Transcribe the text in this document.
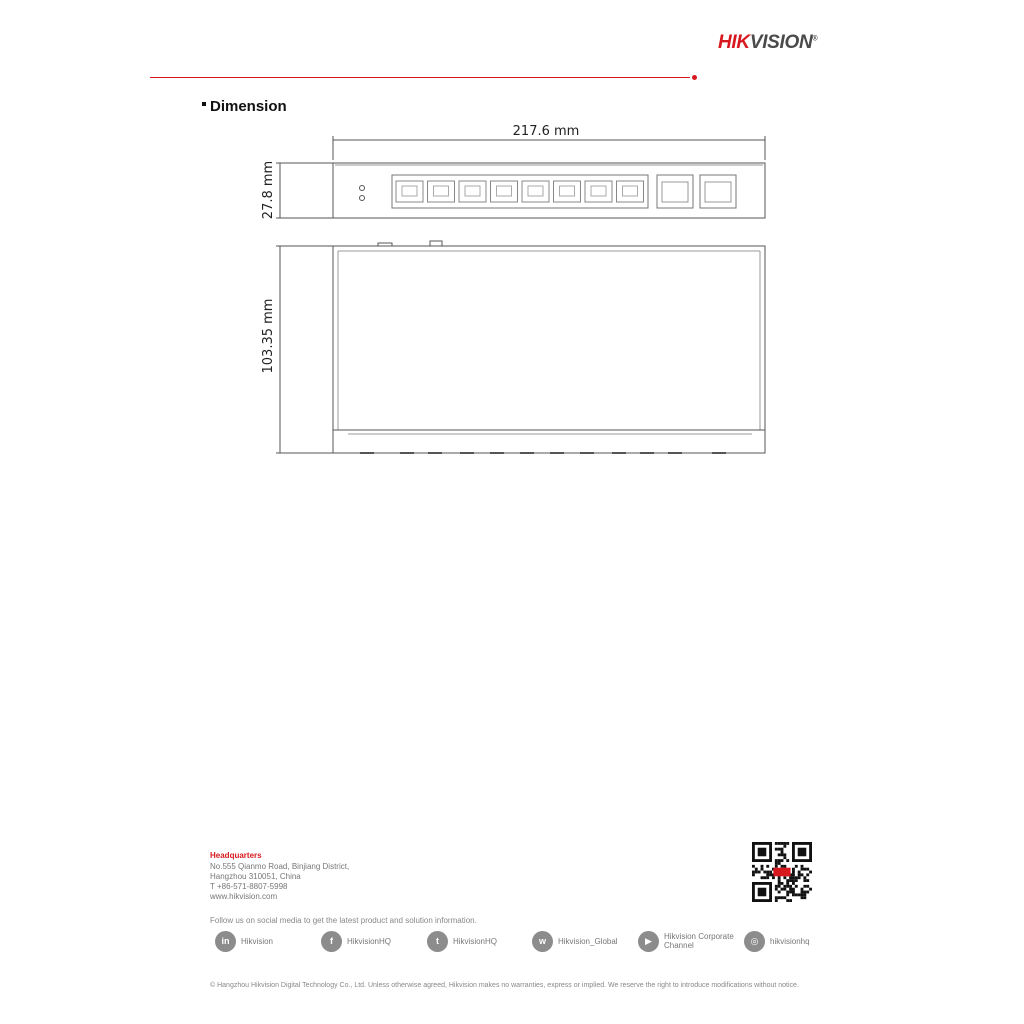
HIKVISION®
Dimension
217.6 mm
27.8 mm
103.35 mm
Headquarters
No.555 Qianmo Road, Binjiang District,
Hangzhou 310051, China
T +86-571-8807-5998
www.hikvision.com
Follow us on social media to get the latest product and solution information.
in	Hikvision	f	HikvisionHQ	t	HikvisionHQ	w	Hikvision_Global	▶	Hikvision Corporate Channel	◎	hikvisionhq
© Hangzhou Hikvision Digital Technology Co., Ltd. Unless otherwise agreed, Hikvision makes no warranties, express or implied. We reserve the right to introduce modifications without notice.
